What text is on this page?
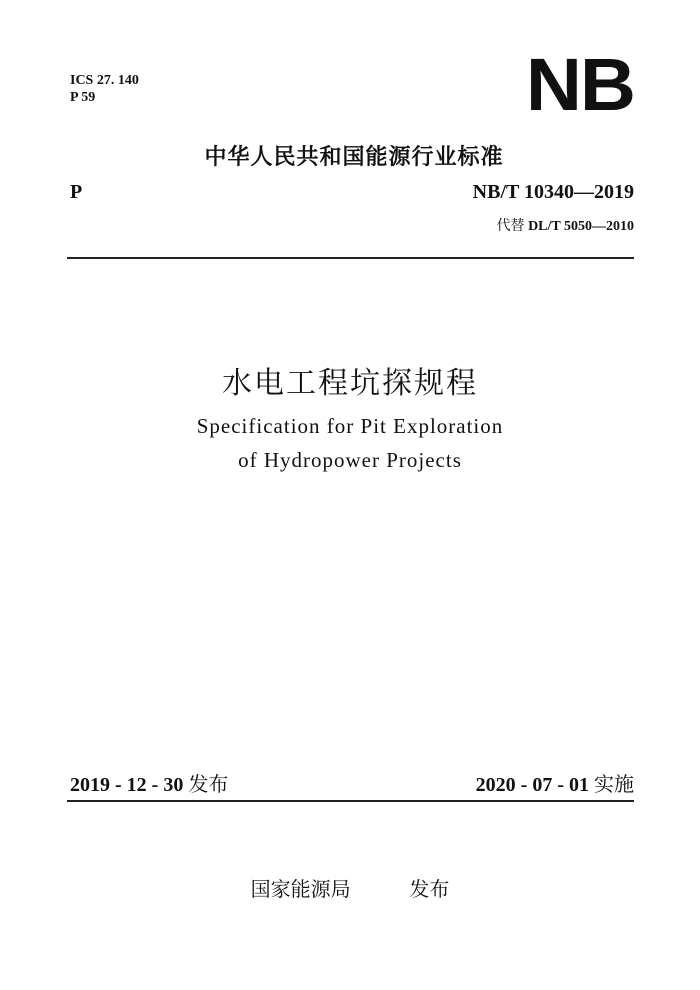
ICS 27. 140
P 59	NB
中华人民共和国能源行业标准
P	NB/T 10340—2019
代替 DL/T 5050—2010
水电工程坑探规程
Specification for Pit Exploration
of Hydropower Projects
2019 - 12 - 30 发布	2020 - 07 - 01 实施
国家能源局	发布
